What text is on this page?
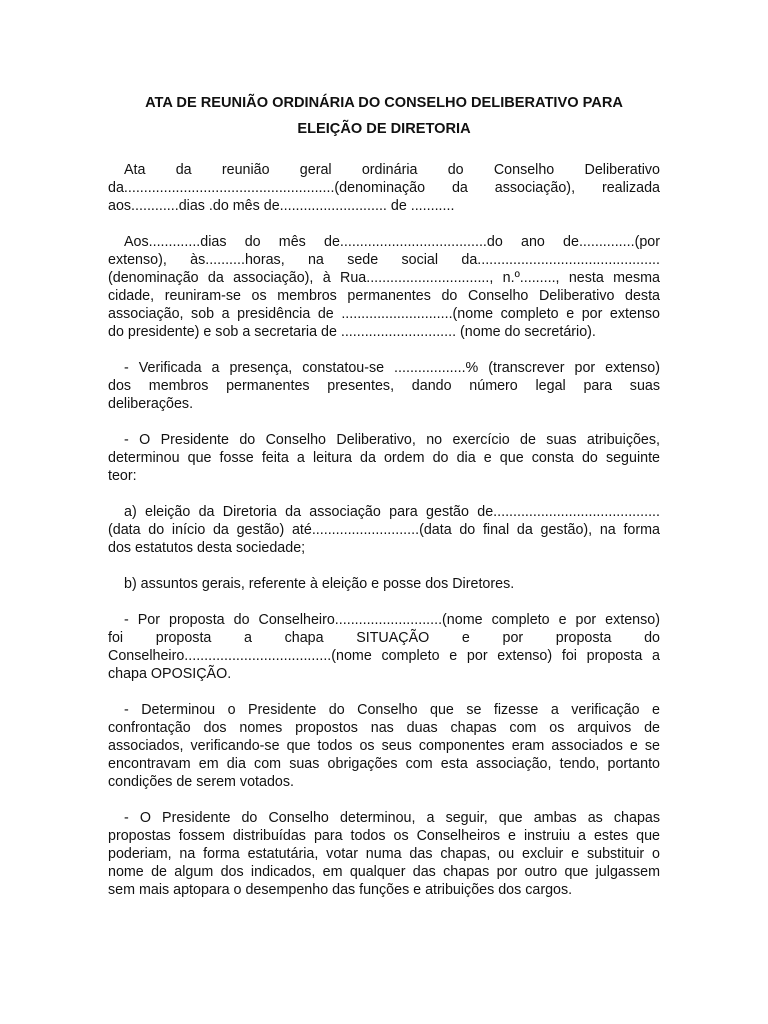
ATA DE REUNIÃO ORDINÁRIA DO CONSELHO DELIBERATIVO PARA
ELEIÇÃO DE DIRETORIA
Ata da reunião geral ordinária do Conselho Deliberativo
da.....................................................(denominação da associação), realizada
aos............dias .do mês de........................... de ...........
Aos.............dias do mês de.....................................do ano de..............(por
extenso), às..........horas, na sede social da..............................................
(denominação da associação), à Rua..............................., n.º........., nesta mesma
cidade, reuniram-se os membros permanentes do Conselho Deliberativo desta
associação, sob a presidência de ............................(nome completo e por extenso
do presidente) e sob a secretaria de ............................. (nome do secretário).
- Verificada a presença, constatou-se ..................% (transcrever por extenso)
dos membros permanentes presentes, dando número legal para suas
deliberações.
- O Presidente do Conselho Deliberativo, no exercício de suas atribuições,
determinou que fosse feita a leitura da ordem do dia e que consta do seguinte
teor:
a) eleição da Diretoria da associação para gestão de..........................................
(data do início da gestão) até...........................(data do final da gestão), na forma
dos estatutos desta sociedade;
b) assuntos gerais, referente à eleição e posse dos Diretores.
- Por proposta do Conselheiro...........................(nome completo e por extenso)
foi proposta a chapa SITUAÇÃO e por proposta do
Conselheiro.....................................(nome completo e por extenso) foi proposta a
chapa OPOSIÇÃO.
- Determinou o Presidente do Conselho que se fizesse a verificação e
confrontação dos nomes propostos nas duas chapas com os arquivos de
associados, verificando-se que todos os seus componentes eram associados e se
encontravam em dia com suas obrigações com esta associação, tendo, portanto
condições de serem votados.
- O Presidente do Conselho determinou, a seguir, que ambas as chapas
propostas fossem distribuídas para todos os Conselheiros e instruiu a estes que
poderiam, na forma estatutária, votar numa das chapas, ou excluir e substituir o
nome de algum dos indicados, em qualquer das chapas por outro que julgassem
sem mais aptopara o desempenho das funções e atribuições dos cargos.
